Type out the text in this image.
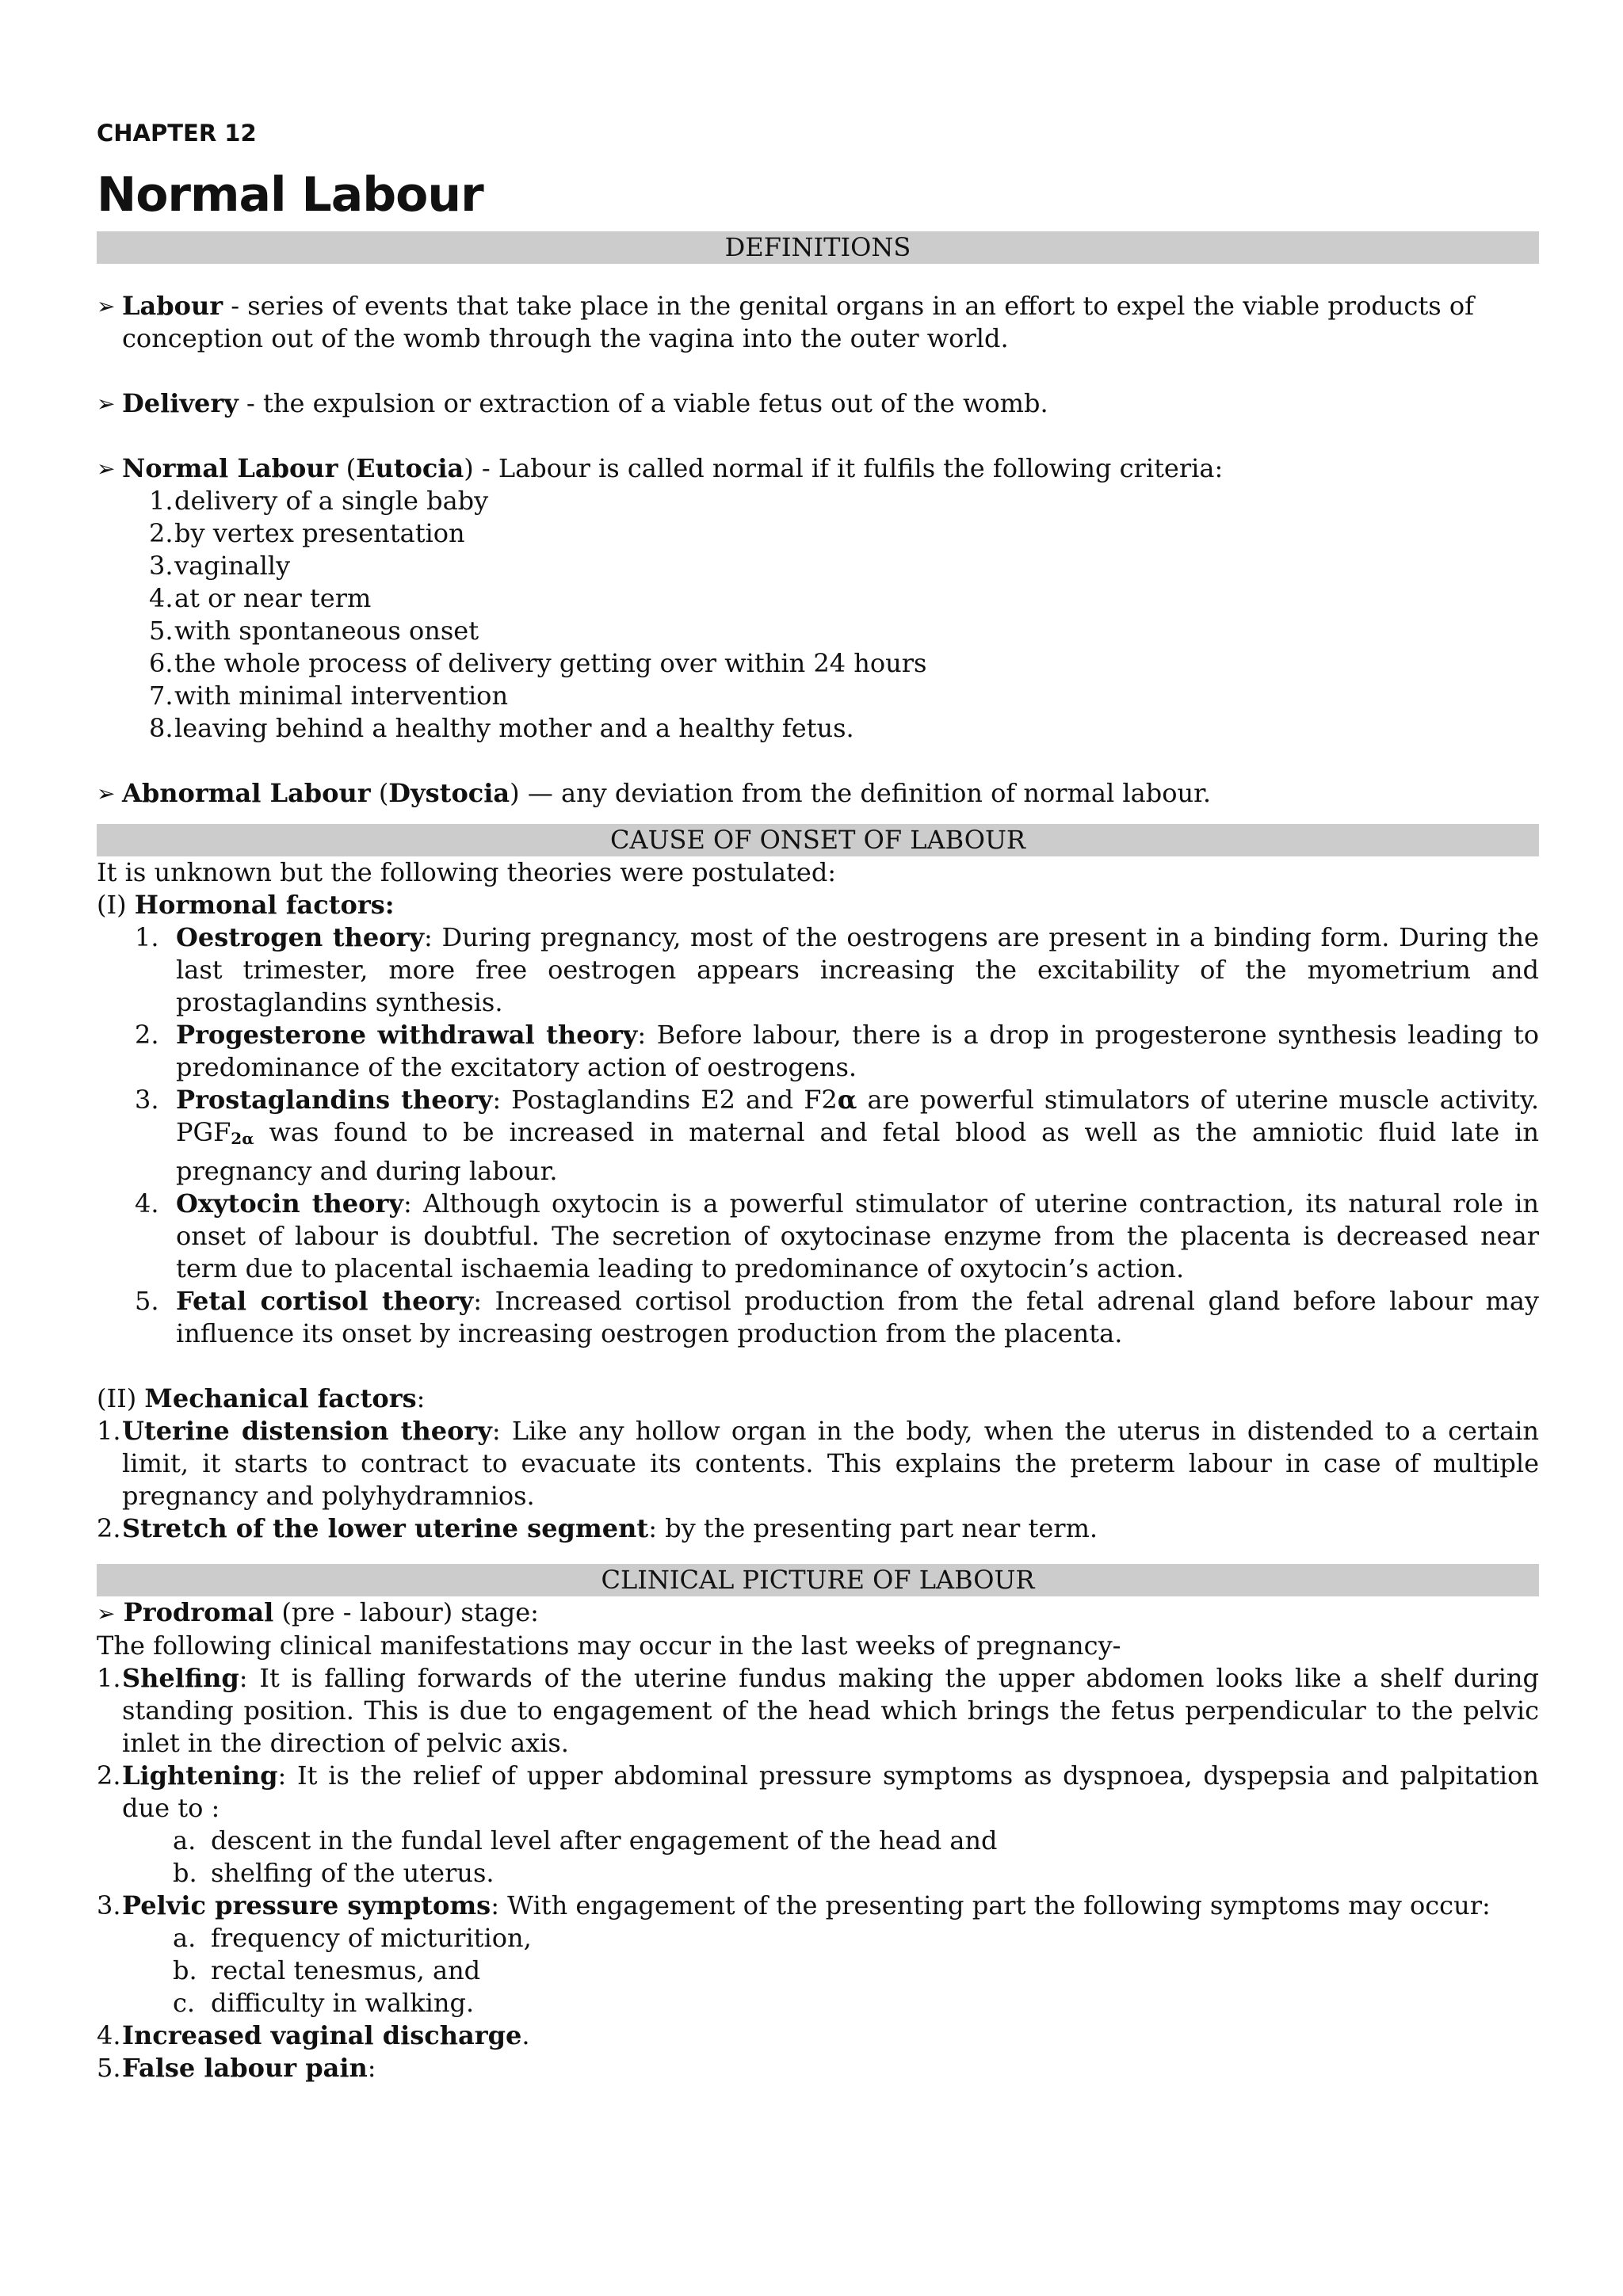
CHAPTER 12

Normal Labour
DEFINITIONS
➢ Labour - series of events that take place in the genital organs in an effort to expel the viable products of conception out of the womb through the vagina into the outer world.
➢ Delivery - the expulsion or extraction of a viable fetus out of the womb.
➢ Normal Labour (Eutocia) - Labour is called normal if it fulfils the following criteria:
1.delivery of a single baby
2.by vertex presentation
3.vaginally
4.at or near term
5.with spontaneous onset
6.the whole process of delivery getting over within 24 hours
7.with minimal intervention
8.leaving behind a healthy mother and a healthy fetus.
➢ Abnormal Labour (Dystocia) — any deviation from the definition of normal labour.
CAUSE OF ONSET OF LABOUR

It is unknown but the following theories were postulated:

(I) Hormonal factors:

1. Oestrogen theory: During pregnancy, most of the oestrogens are present in a binding form. During the last trimester, more free oestrogen appears increasing the excitability of the myometrium and prostaglandins synthesis.
2. Progesterone withdrawal theory: Before labour, there is a drop in progesterone synthesis leading to predominance of the excitatory action of oestrogens.
3. Prostaglandins theory: Postaglandins E2 and F2α are powerful stimulators of uterine muscle activity. PGF2α was found to be increased in maternal and fetal blood as well as the amniotic fluid late in pregnancy and during labour.
4. Oxytocin theory: Although oxytocin is a powerful stimulator of uterine contraction, its natural role in onset of labour is doubtful. The secretion of oxytocinase enzyme from the placenta is decreased near term due to placental ischaemia leading to predominance of oxytocin’s action.
5. Fetal cortisol theory: Increased cortisol production from the fetal adrenal gland before labour may influence its onset by increasing oestrogen production from the placenta.

(II) Mechanical factors:

1. Uterine distension theory: Like any hollow organ in the body, when the uterus in distended to a certain limit, it starts to contract to evacuate its contents. This explains the preterm labour in case of multiple pregnancy and polyhydramnios.
2. Stretch of the lower uterine segment: by the presenting part near term.
CLINICAL PICTURE OF LABOUR

➢ Prodromal (pre - labour) stage:

The following clinical manifestations may occur in the last weeks of pregnancy-

1. Shelfing: It is falling forwards of the uterine fundus making the upper abdomen looks like a shelf during standing position. This is due to engagement of the head which brings the fetus perpendicular to the pelvic inlet in the direction of pelvic axis.
2. Lightening: It is the relief of upper abdominal pressure symptoms as dyspnoea, dyspepsia and palpitation due to :
a. descent in the fundal level after engagement of the head and
b. shelfing of the uterus.
3. Pelvic pressure symptoms: With engagement of the presenting part the following symptoms may occur:
a. frequency of micturition,
b. rectal tenesmus, and
c. difficulty in walking.
4. Increased vaginal discharge.
5. False labour pain:
